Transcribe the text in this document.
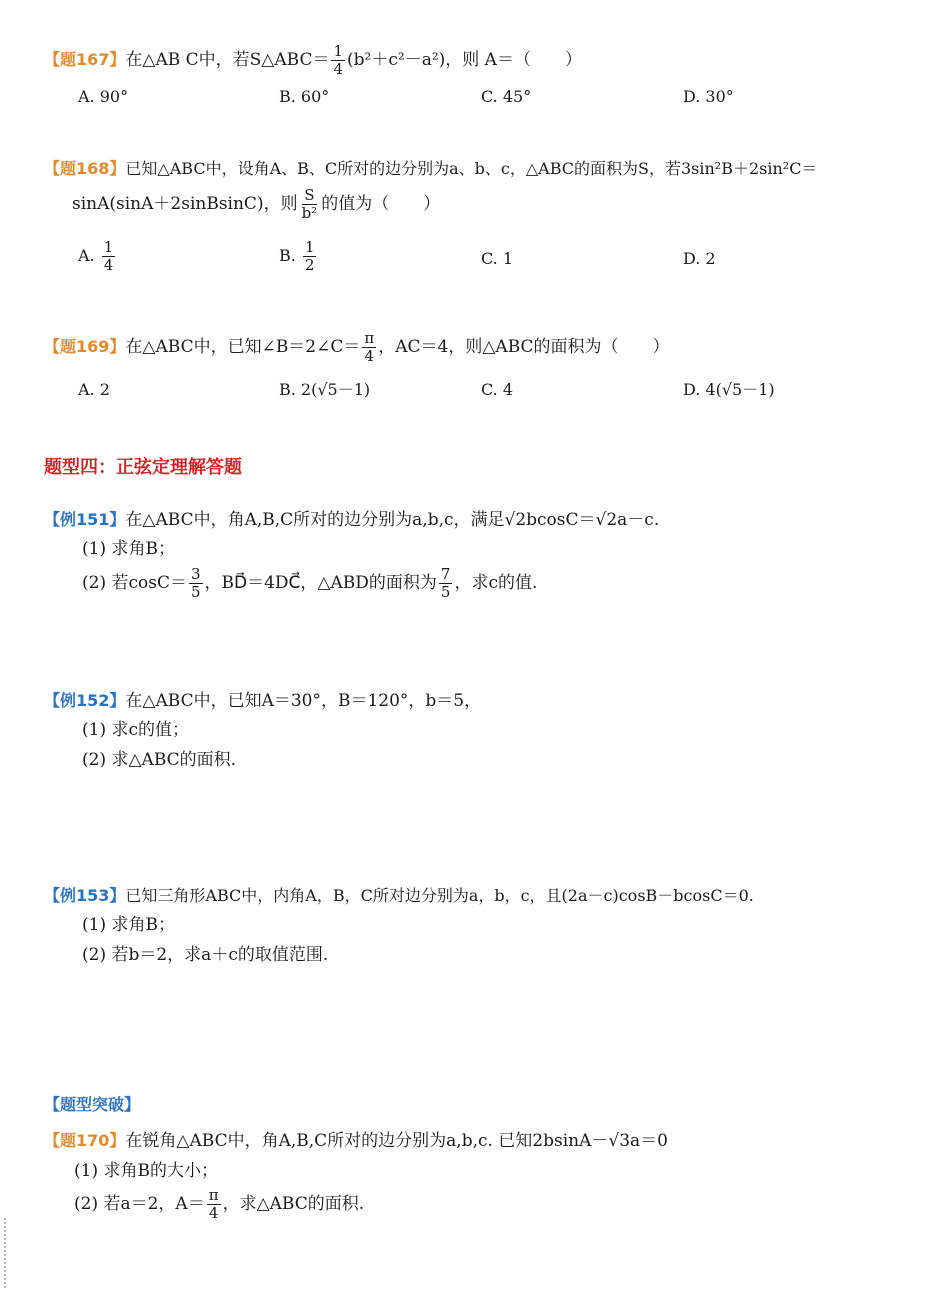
【题167】在△AB C中，若S△ABC＝ $\frac{1}{4} (b^2+c^2-a^2)$，则 A＝（　　）
A. 90°	B. 60°	C. 45°	D. 30°
【题168】已知△ABC中，设角A、B、C所对的边分别为a、b、c，△ABC的面积为S，若3sin²B＋2sin²C＝
sinA(sinA＋2sinBsinC)，则 $\frac{S}{\text{b²}}$ 的值为（　　）
A. $\frac{1}{4}$	B. $\frac{1}{2}$	C. 1	D. 2
【题169】在△ABC中，已知∠B＝2∠C＝ $\frac{\pi}{4}$ ，AC＝4，则△ABC的面积为（　　）
A. 2	B. 2(√5－1)	C. 4	D. 4(√5－1)
题型四：正弦定理解答题
【例151】在△ABC中，角A,B,C所对的边分别为a,b,c，满足√2bcosC＝√2a－c.
(1) 求角B；
(2) 若$\cos C= \frac{3}{5}$ ，BD⃗＝4DC⃗，△ABD的面积为 $\frac{7}{5}$ ，求c的值.
【例152】在△ABC中，已知A＝30°，B＝120°，b＝5，
(1) 求c的值；
(2) 求△ABC的面积.
【例153】已知三角形ABC中，内角A，B，C所对边分别为a，b，c，且(2a－c)cosB－bcosC＝0.
(1) 求角B；
(2) 若b＝2，求a＋c的取值范围.
【题型突破】
【题170】在锐角△ABC中，角A,B,C所对的边分别为a,b,c. 已知2bsinA－√3a＝0
(1) 求角B的大小；
(2) 若a＝2，$A= \frac{\pi}{4}$ ，求△ABC的面积.
